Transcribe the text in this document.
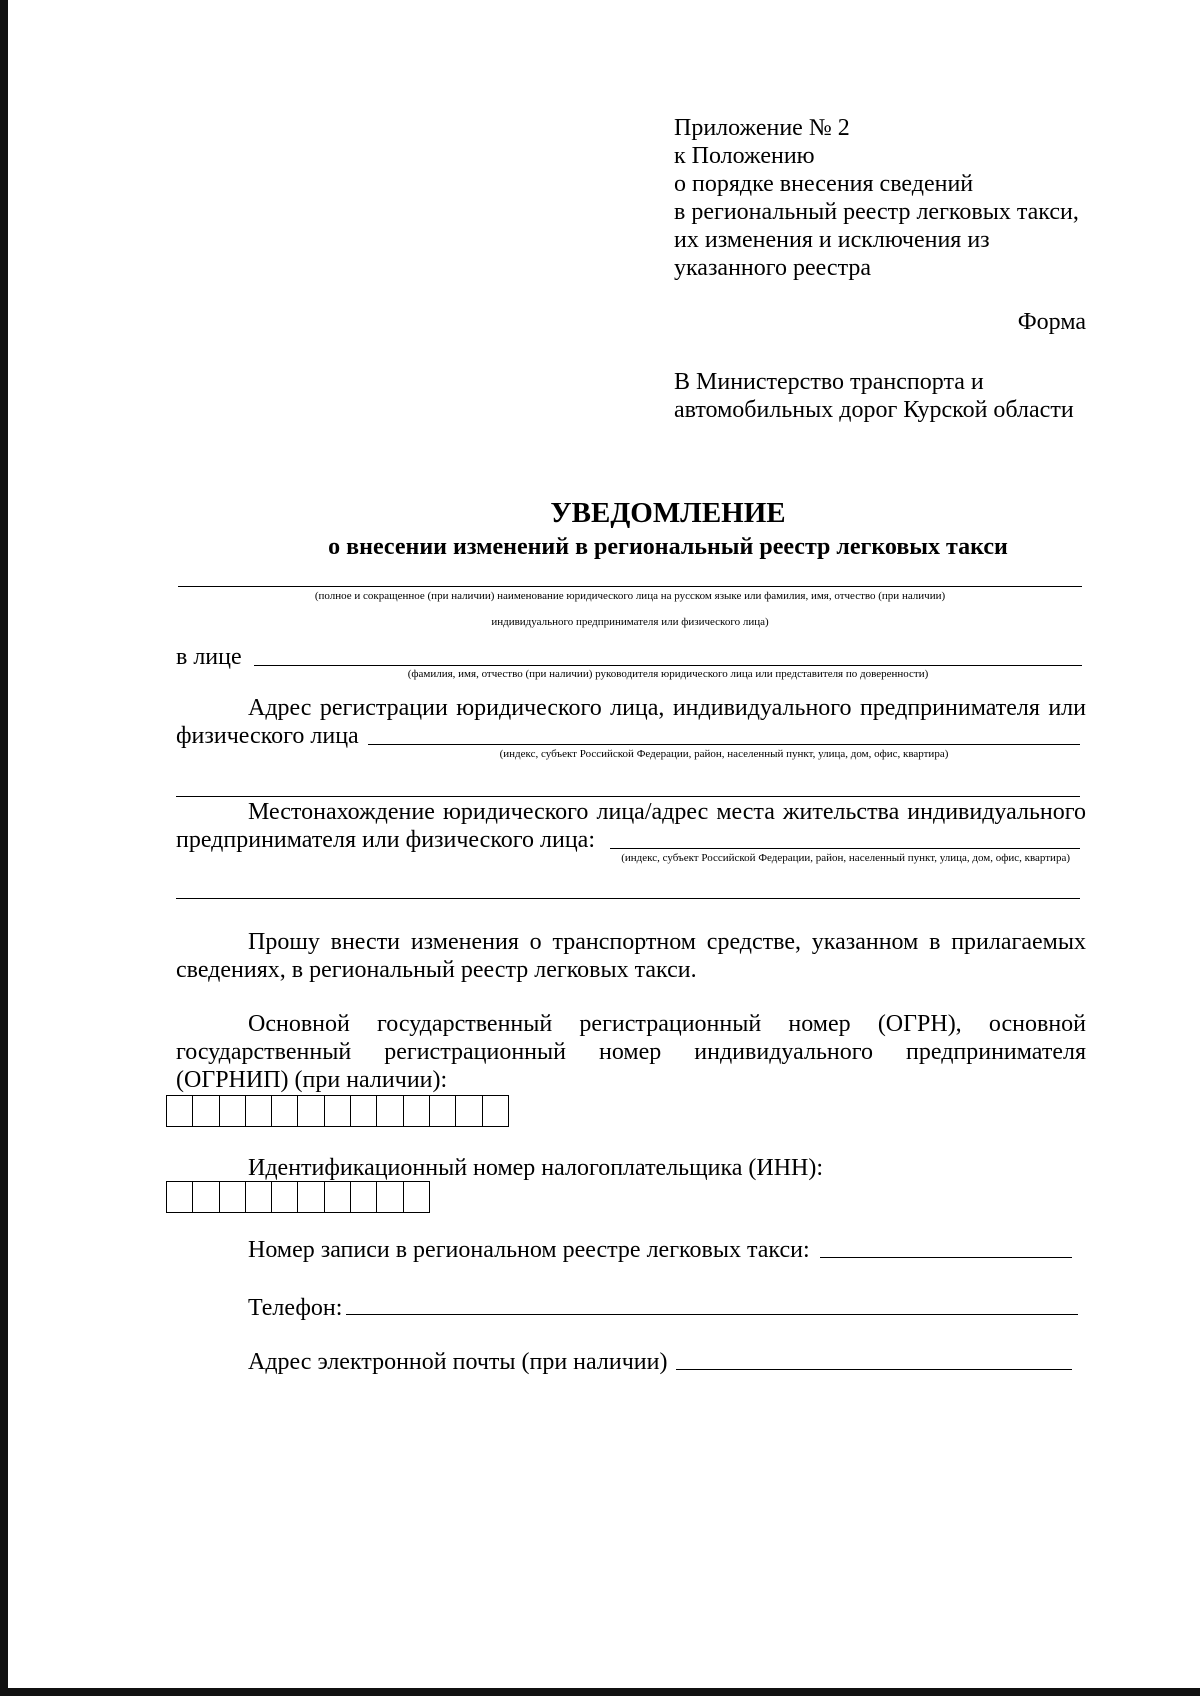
Приложение № 2
к Положению
о порядке внесения сведений
в региональный реестр легковых такси,
их изменения и исключения из
указанного реестра
Форма
В Министерство транспорта и
автомобильных дорог Курской области
УВЕДОМЛЕНИЕ
о внесении изменений в региональный реестр легковых такси
(полное и сокращенное (при наличии) наименование юридического лица на русском языке или фамилия, имя, отчество (при наличии)
индивидуального предпринимателя или физического лица)
в лице
(фамилия, имя, отчество (при наличии) руководителя юридического лица или представителя по доверенности)
Адрес регистрации юридического лица, индивидуального предпринимателя или
физического лица
(индекс, субъект Российской Федерации, район, населенный пункт, улица, дом, офис, квартира)
Местонахождение юридического лица/адрес места жительства индивидуального
предпринимателя или физического лица:
(индекс, субъект Российской Федерации, район, населенный пункт, улица, дом, офис, квартира)
Прошу внести изменения о транспортном средстве, указанном в прилагаемых
сведениях, в региональный реестр легковых такси.
Основной государственный регистрационный номер (ОГРН), основной
государственный регистрационный номер индивидуального предпринимателя
(ОГРНИП) (при наличии):
Идентификационный номер налогоплательщика (ИНН):
Номер записи в региональном реестре легковых такси:
Телефон:
Адрес электронной почты (при наличии)
